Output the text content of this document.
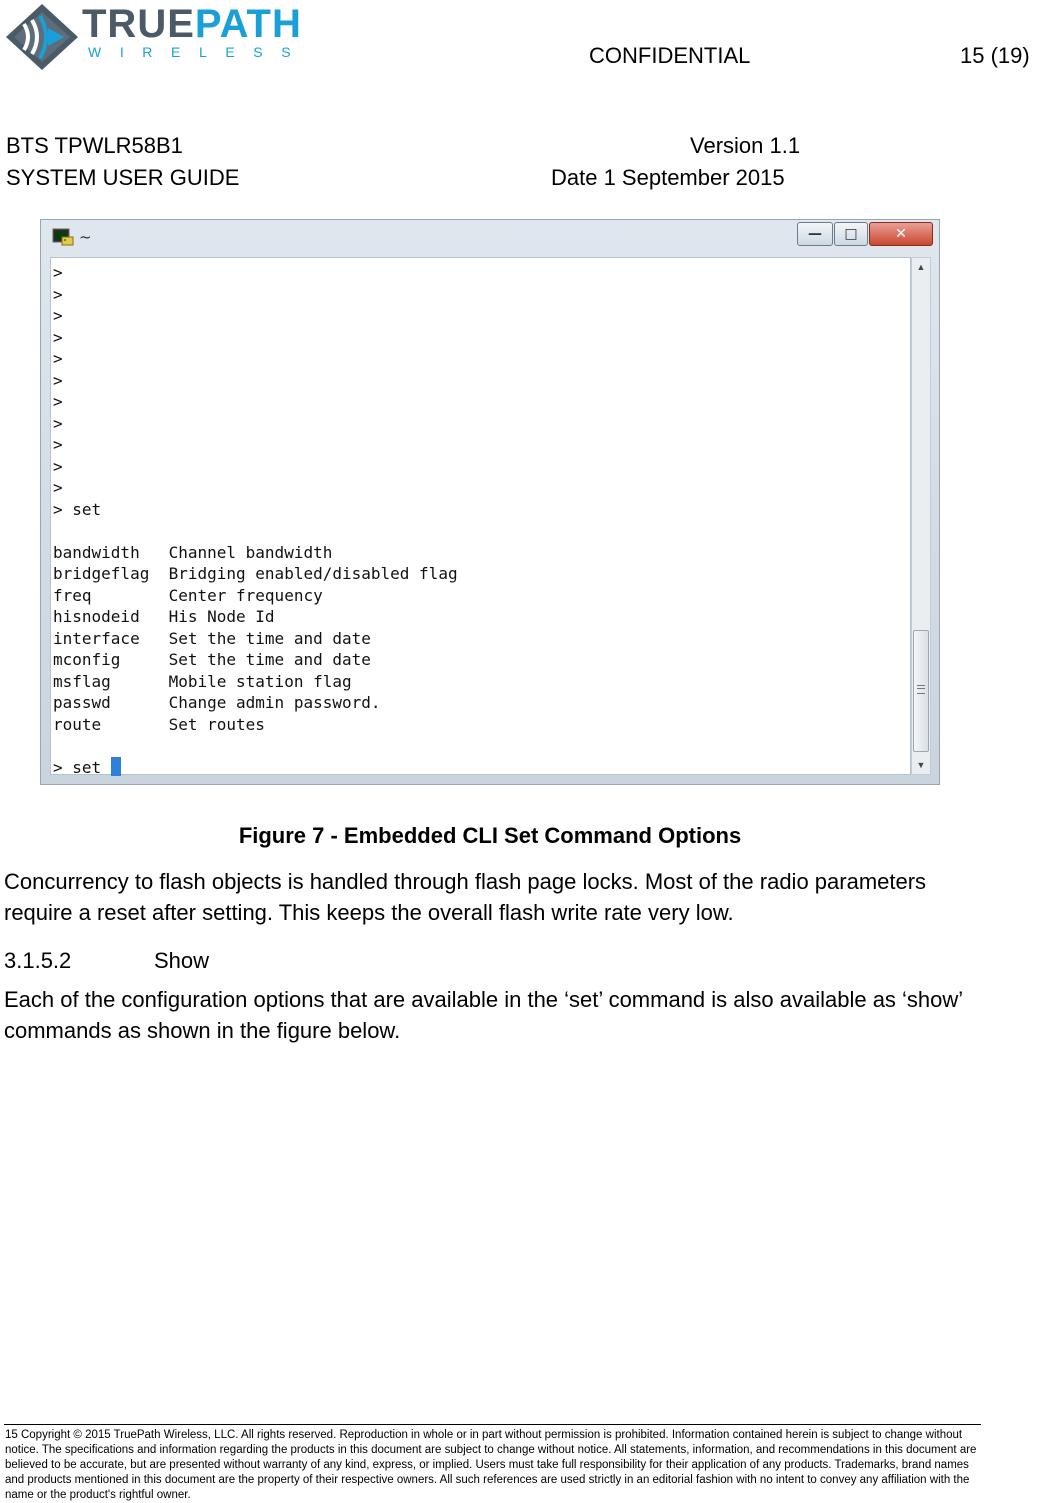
TRUEPATH
WIRELESS	CONFIDENTIAL	15 (19)
BTS TPWLR58B1
SYSTEM USER GUIDE
Version 1.1
Date 1 September 2015
~	—	□	✕
>
>
>
>
>
>
>
>
>
>
>
> set
bandwidth   Channel bandwidth
bridgeflag  Bridging enabled/disabled flag
freq        Center frequency
hisnodeid   His Node Id
interface   Set the time and date
mconfig     Set the time and date
msflag      Mobile station flag
passwd      Change admin password.
route       Set routes
> set
▲
▼
Figure 7 - Embedded CLI Set Command Options
Concurrency to flash objects is handled through flash page locks. Most of the radio parameters require a reset after setting. This keeps the overall flash write rate very low.
3.1.5.2	Show
Each of the configuration options that are available in the ‘set’ command is also available as ‘show’ commands as shown in the figure below.
15 Copyright © 2015 TruePath Wireless, LLC. All rights reserved. Reproduction in whole or in part without permission is prohibited. Information contained herein is subject to change without notice. The specifications and information regarding the products in this document are subject to change without notice. All statements, information, and recommendations in this document are believed to be accurate, but are presented without warranty of any kind, express, or implied. Users must take full responsibility for their application of any products. Trademarks, brand names and products mentioned in this document are the property of their respective owners. All such references are used strictly in an editorial fashion with no intent to convey any affiliation with the name or the product's rightful owner.
